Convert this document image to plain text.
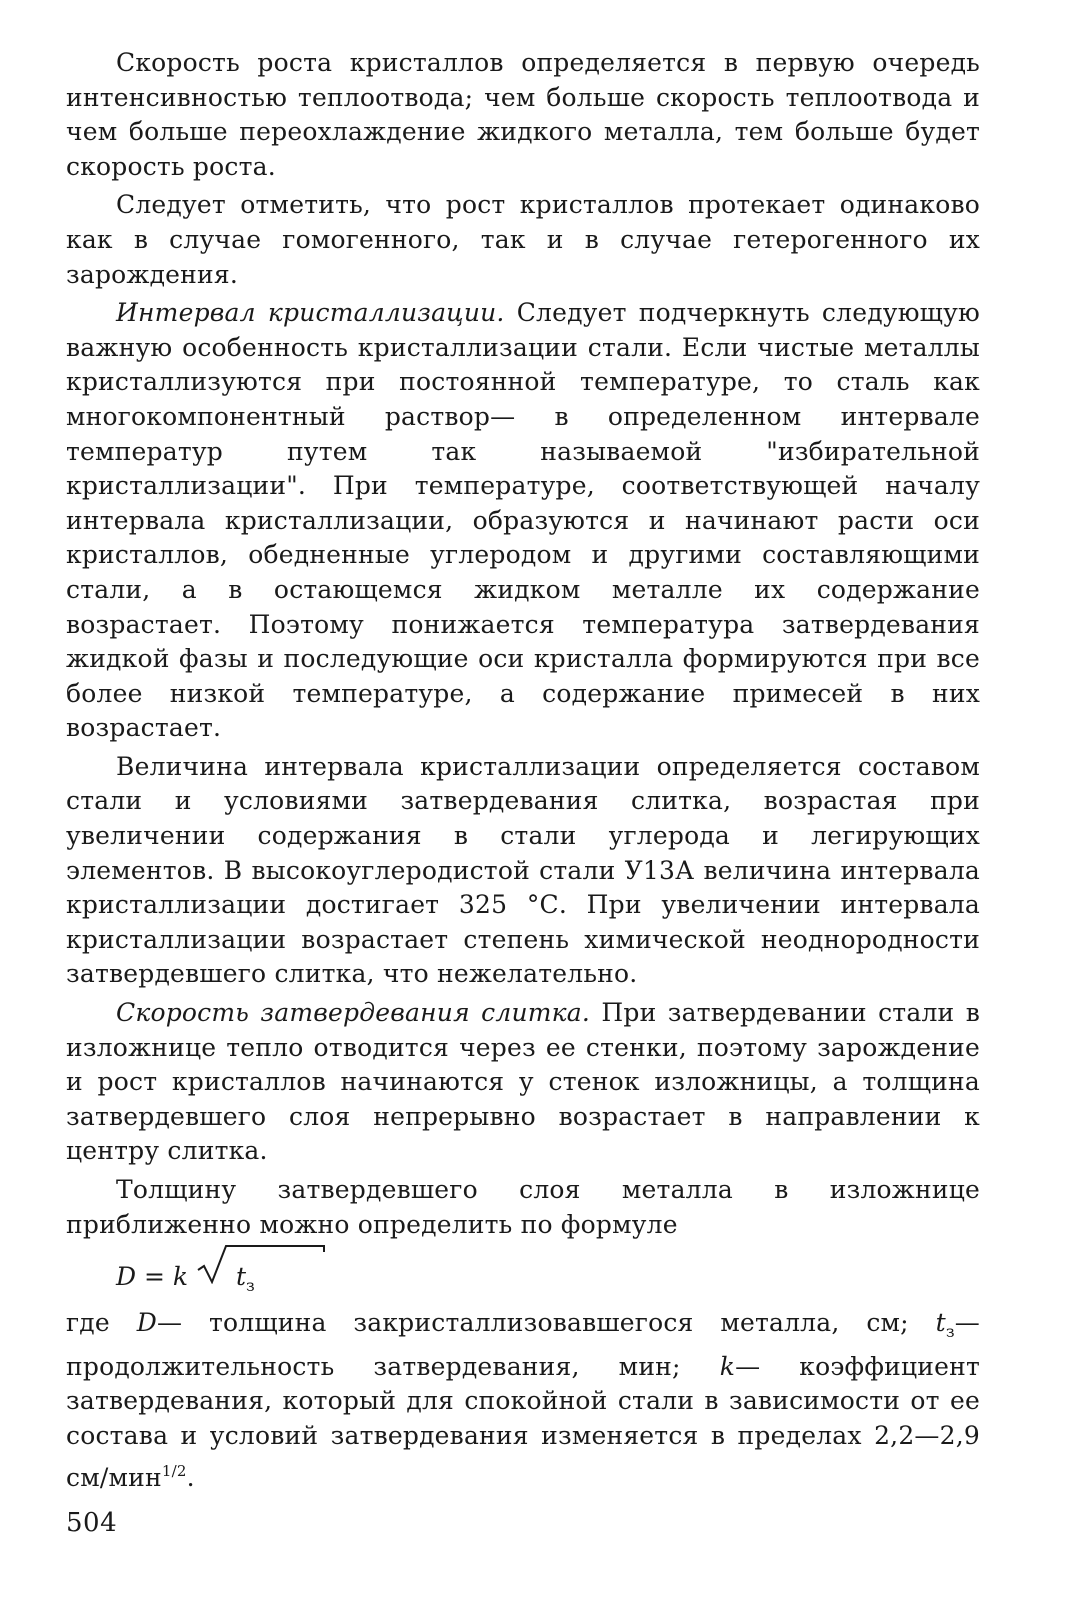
Скорость роста кристаллов определяется в первую очередь интенсивностью теплоотвода; чем больше скорость теплоотвода и чем больше переохлаждение жидкого металла, тем больше будет скорость роста.

Следует отметить, что рост кристаллов протекает одинаково как в случае гомогенного, так и в случае гетерогенного их зарождения.

Интервал кристаллизации. Следует подчеркнуть следующую важную особенность кристаллизации стали. Если чистые металлы кристаллизуются при постоянной температуре, то сталь как многокомпонентный раствор— в определенном интервале температур путем так называемой "избирательной кристаллизации". При температуре, соответствующей началу интервала кристаллизации, образуются и начинают расти оси кристаллов, обедненные углеродом и другими составляющими стали, а в остающемся жидком металле их содержание возрастает. Поэтому понижается температура затвердевания жидкой фазы и последующие оси кристалла формируются при все более низкой температуре, а содержание примесей в них возрастает.

Величина интервала кристаллизации определяется составом стали и условиями затвердевания слитка, возрастая при увеличении содержания в стали углерода и легирующих элементов. В высокоуглеродистой стали У13А величина интервала кристаллизации достигает 325 °С. При увеличении интервала кристаллизации возрастает степень химической неоднородности затвердевшего слитка, что нежелательно.

Скорость затвердевания слитка. При затвердевании стали в изложнице тепло отводится через ее стенки, поэтому зарождение и рост кристаллов начинаются у стенок изложницы, а толщина затвердевшего слоя непрерывно возрастает в направлении к центру слитка.

Толщину затвердевшего слоя металла в изложнице приближенно можно определить по формуле

D = k $t_з$

где D— толщина закристаллизовавшегося металла, см; $t_з—$ продолжительность затвердевания, мин; k— коэффициент затвердевания, который для спокойной стали в зависимости от ее состава и условий затвердевания изменяется в пределах 2,2—2,9 см/мин$^{1/2}$.

504
